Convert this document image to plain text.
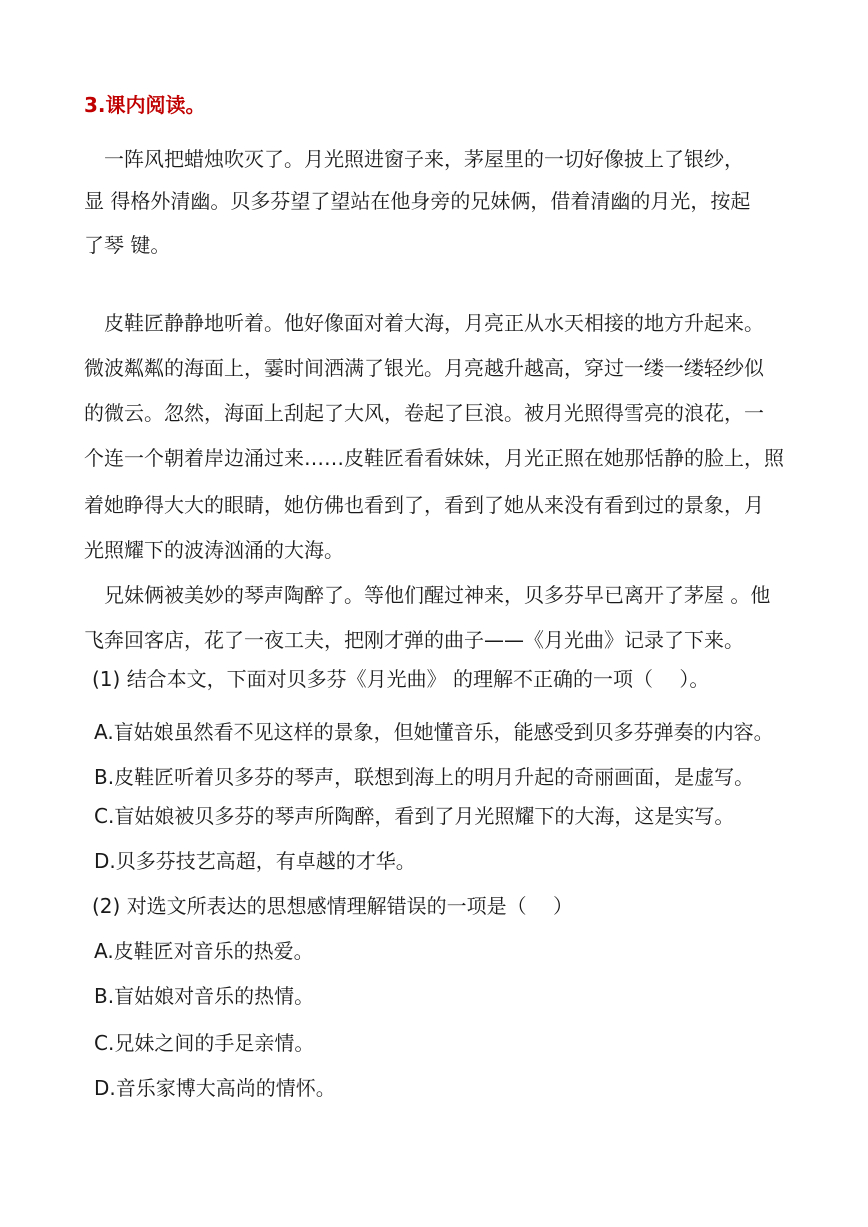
3.课内阅读。
一阵风把蜡烛吹灭了。月光照进窗子来，茅屋里的一切好像披上了银纱，
显 得格外清幽。贝多芬望了望站在他身旁的兄妹俩，借着清幽的月光，按起
了琴 键。
皮鞋匠静静地听着。他好像面对着大海，月亮正从水天相接的地方升起来。
微波粼粼的海面上，霎时间洒满了银光。月亮越升越高，穿过一缕一缕轻纱似
的微云。忽然，海面上刮起了大风，卷起了巨浪。被月光照得雪亮的浪花，一
个连一个朝着岸边涌过来……皮鞋匠看看妹妹，月光正照在她那恬静的脸上，照
着她睁得大大的眼睛，她仿佛也看到了，看到了她从来没有看到过的景象，月
光照耀下的波涛汹涌的大海。
兄妹俩被美妙的琴声陶醉了。等他们醒过神来，贝多芬早已离开了茅屋 。他
飞奔回客店，花了一夜工夫，把刚才弹的曲子——《月光曲》记录了下来。
(1) 结合本文，下面对贝多芬《月光曲》 的理解不正确的一项（　 ）。
A.盲姑娘虽然看不见这样的景象，但她懂音乐，能感受到贝多芬弹奏的内容。
B.皮鞋匠听着贝多芬的琴声，联想到海上的明月升起的奇丽画面，是虚写。
C.盲姑娘被贝多芬的琴声所陶醉，看到了月光照耀下的大海，这是实写。
D.贝多芬技艺高超，有卓越的才华。
(2) 对选文所表达的思想感情理解错误的一项是（　 ）
A.皮鞋匠对音乐的热爱。
B.盲姑娘对音乐的热情。
C.兄妹之间的手足亲情。
D.音乐家博大高尚的情怀。
